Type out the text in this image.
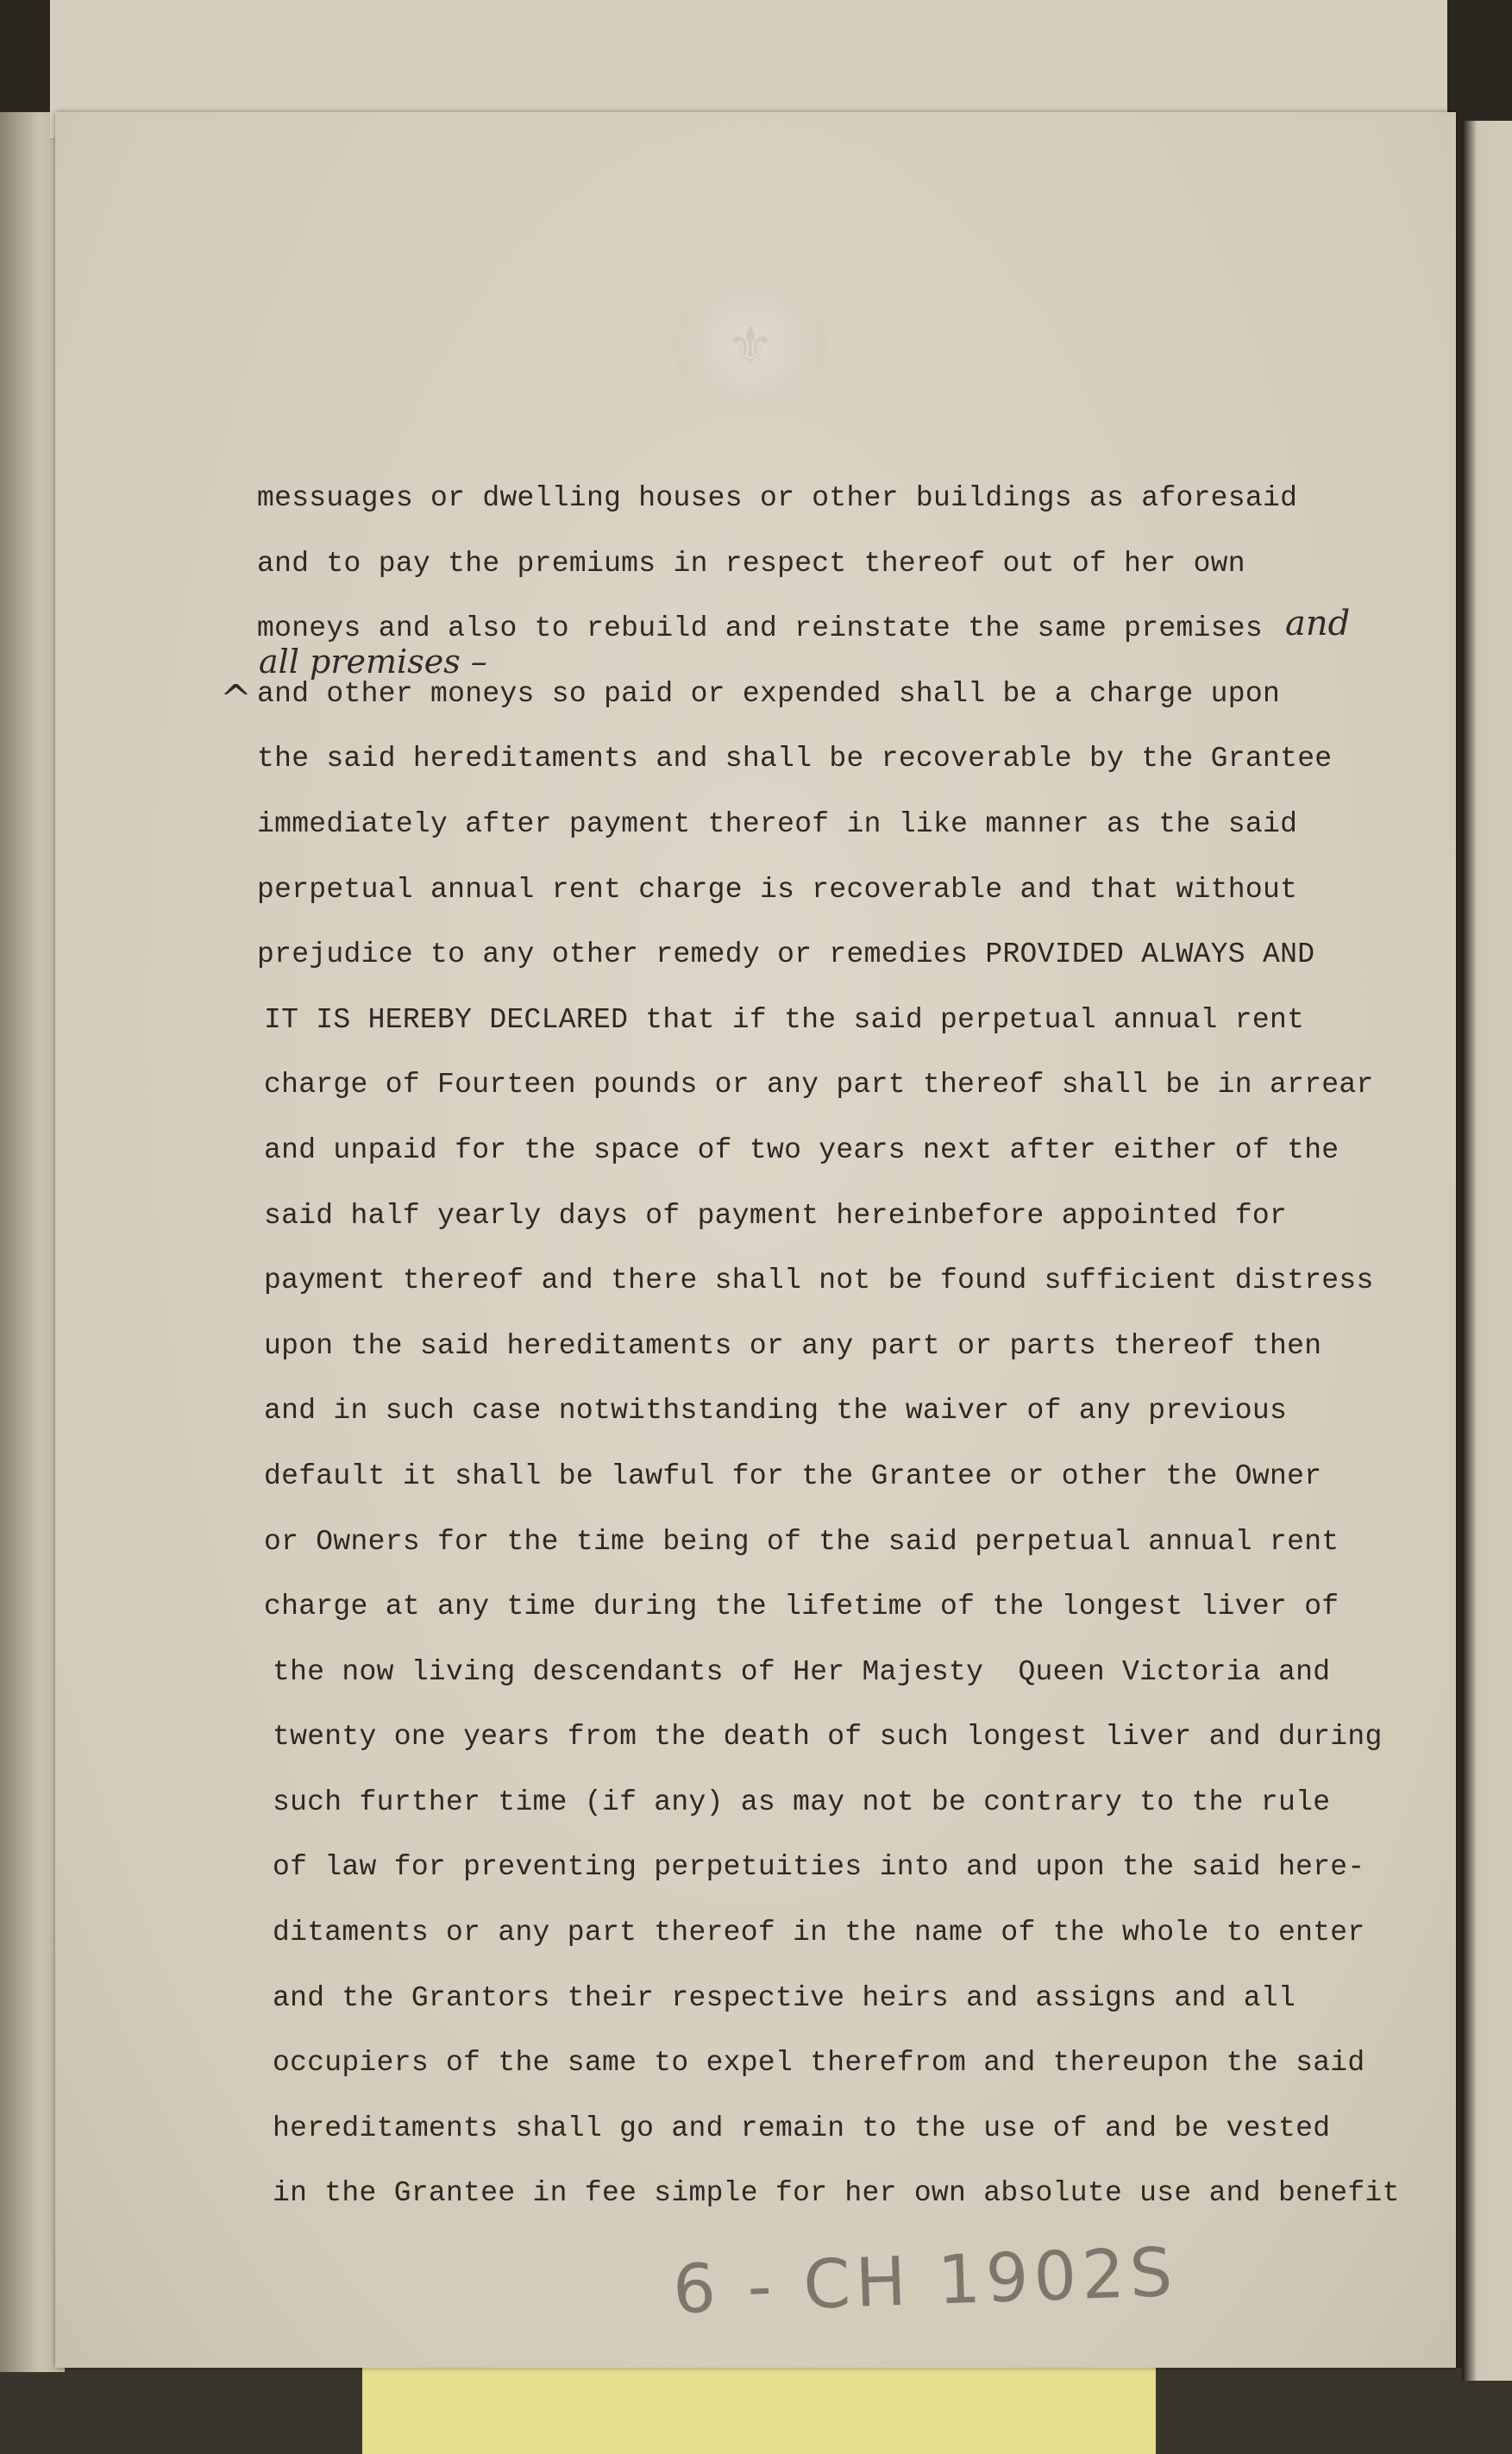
⚜
messuages or dwelling houses or other buildings as aforesaid
and to pay the premiums in respect thereof out of her own
moneys and also to rebuild and reinstate the same premises
and other moneys so paid or expended shall be a charge upon
the said hereditaments and shall be recoverable by the Grantee
immediately after payment thereof in like manner as the said
perpetual annual rent charge is recoverable and that without
prejudice to any other remedy or remedies PROVIDED ALWAYS AND
IT IS HEREBY DECLARED that if the said perpetual annual rent
charge of Fourteen pounds or any part thereof shall be in arrear
and unpaid for the space of two years next after either of the
said half yearly days of payment hereinbefore appointed for
payment thereof and there shall not be found sufficient distress
upon the said hereditaments or any part or parts thereof then
and in such case notwithstanding the waiver of any previous
default it shall be lawful for the Grantee or other the Owner
or Owners for the time being of the said perpetual annual rent
charge at any time during the lifetime of the longest liver of
the now living descendants of Her Majesty  Queen Victoria and
twenty one years from the death of such longest liver and during
such further time (if any) as may not be contrary to the rule
of law for preventing perpetuities into and upon the said here-
ditaments or any part thereof in the name of the whole to enter
and the Grantors their respective heirs and assigns and all
occupiers of the same to expel therefrom and thereupon the said
hereditaments shall go and remain to the use of and be vested
in the Grantee in fee simple for her own absolute use and benefit
and
all premises –
^
6 - CH 1902S
